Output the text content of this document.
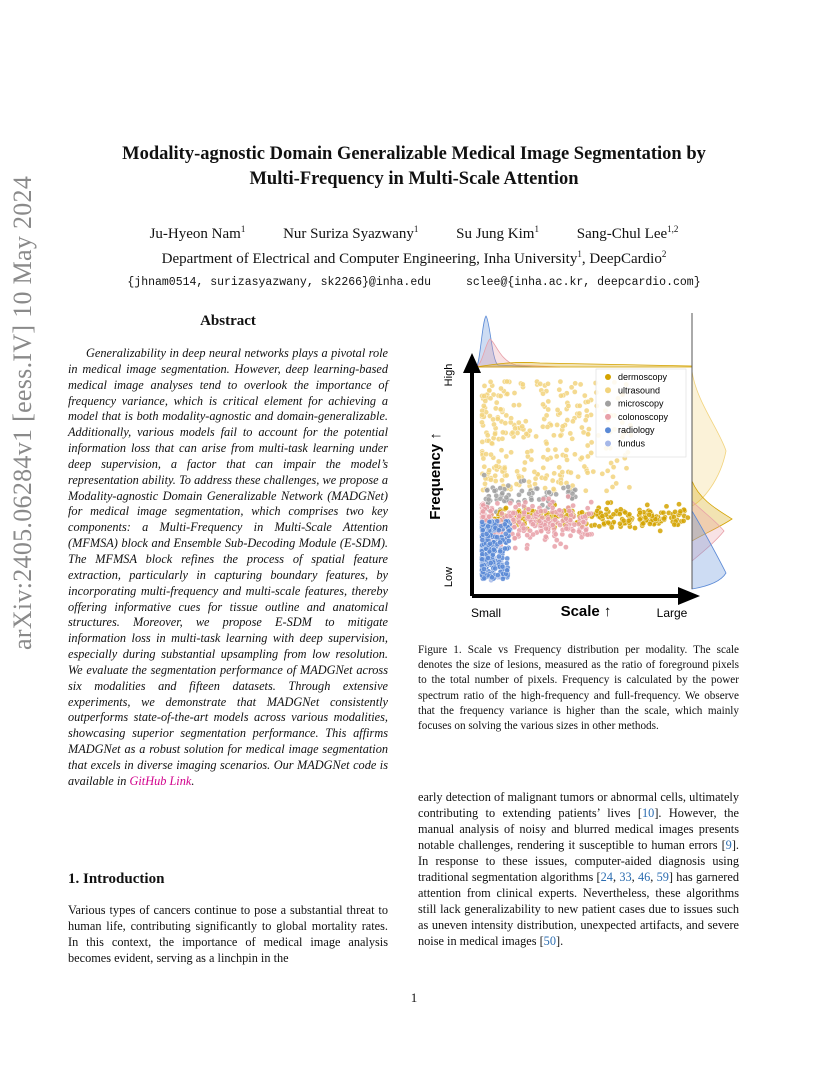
arXiv:2405.06284v1 [eess.IV] 10 May 2024
Modality-agnostic Domain Generalizable Medical Image Segmentation by
Multi-Frequency in Multi-Scale Attention
Ju-Hyeon Nam$^1$	Nur Suriza Syazwany$^1$	Su Jung Kim$^1$	Sang-Chul Lee$^{1,2}$
Department of Electrical and Computer Engineering, Inha University$^1$, DeepCardio$^2$
{jhnam0514, surizasyazwany, sk2266}@inha.edu	sclee@{inha.ac.kr, deepcardio.com}
Abstract
Generalizability in deep neural networks plays a pivotal role in medical image segmentation. However, deep learning-based medical image analyses tend to overlook the importance of frequency variance, which is critical element for achieving a model that is both modality-agnostic and domain-generalizable. Additionally, various models fail to account for the potential information loss that can arise from multi-task learning under deep supervision, a factor that can impair the model’s representation ability. To address these challenges, we propose a Modality-agnostic Domain Generalizable Network (MADGNet) for medical image segmentation, which comprises two key components: a Multi-Frequency in Multi-Scale Attention (MFMSA) block and Ensemble Sub-Decoding Module (E-SDM). The MFMSA block refines the process of spatial feature extraction, particularly in capturing boundary features, by incorporating multi-frequency and multi-scale features, thereby offering informative cues for tissue outline and anatomical structures. Moreover, we propose E-SDM to mitigate information loss in multi-task learning with deep supervision, especially during substantial upsampling from low resolution. We evaluate the segmentation performance of MADGNet across six modalities and fifteen datasets. Through extensive experiments, we demonstrate that MADGNet consistently outperforms state-of-the-art models across various modalities, showcasing superior segmentation performance. This affirms MADGNet as a robust solution for medical image segmentation that excels in diverse imaging scenarios. Our MADGNet code is available in GitHub Link.
1. Introduction
Various types of cancers continue to pose a substantial threat to human life, contributing significantly to global mortality rates. In this context, the importance of medical image analysis becomes evident, serving as a linchpin in the
Frequency ↑
High
Low
Small	Scale ↑	Large
dermoscopy
ultrasound
microscopy
colonoscopy
radiology
fundus
Figure 1. Scale vs Frequency distribution per modality. The scale denotes the size of lesions, measured as the ratio of foreground pixels to the total number of pixels. Frequency is calculated by the power spectrum ratio of the high-frequency and full-frequency. We observe that the frequency variance is higher than the scale, which mainly focuses on solving the various sizes in other methods.
early detection of malignant tumors or abnormal cells, ultimately contributing to extending patients’ lives [10]. However, the manual analysis of noisy and blurred medical images presents notable challenges, rendering it susceptible to human errors [9]. In response to these issues, computer-aided diagnosis using traditional segmentation algorithms [24, 33, 46, 59] has garnered attention from clinical experts. Nevertheless, these algorithms still lack generalizability to new patient cases due to issues such as uneven intensity distribution, unexpected artifacts, and severe noise in medical images [50].
1
